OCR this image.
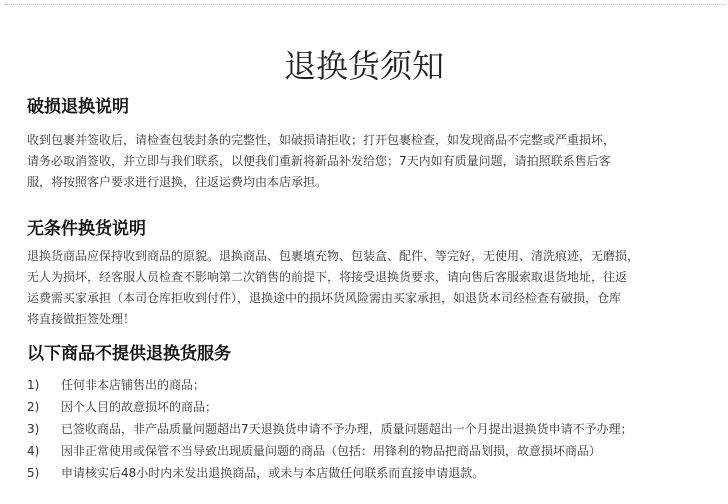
退换货须知
破损退换说明

收到包裹并签收后，请检查包装封条的完整性，如破损请拒收；打开包裹检查，如发现商品不完整或严重损坏，
请务必取消签收，并立即与我们联系，以便我们重新将新品补发给您；7天内如有质量问题，请拍照联系售后客
服，将按照客户要求进行退换，往返运费均由本店承担。

无条件换货说明

退换货商品应保持收到商品的原貌。退换商品、包裹填充物、包装盒、配件、等完好，无使用、清洗痕迹，无磨损，
无人为损坏，经客服人员检查不影响第二次销售的前提下，将接受退换货要求，请向售后客服索取退货地址，往返
运费需买家承担（本司仓库拒收到付件），退换途中的损坏货风险需由买家承担，如退货本司经检查有破损，仓库
将直接做拒签处理！

以下商品不提供退换货服务
1) 任何非本店铺售出的商品；
2) 因个人目的故意损坏的商品；
3) 已签收商品，非产品质量问题超出7天退换货申请不予办理，质量问题超出一个月提出退换货申请不予办理；
4) 因非正常使用或保管不当导致出现质量问题的商品（包括：用锋利的物品把商品划损，故意损坏商品）
5) 申请核实后48小时内未发出退换商品，或未与本店做任何联系而直接申请退款。
